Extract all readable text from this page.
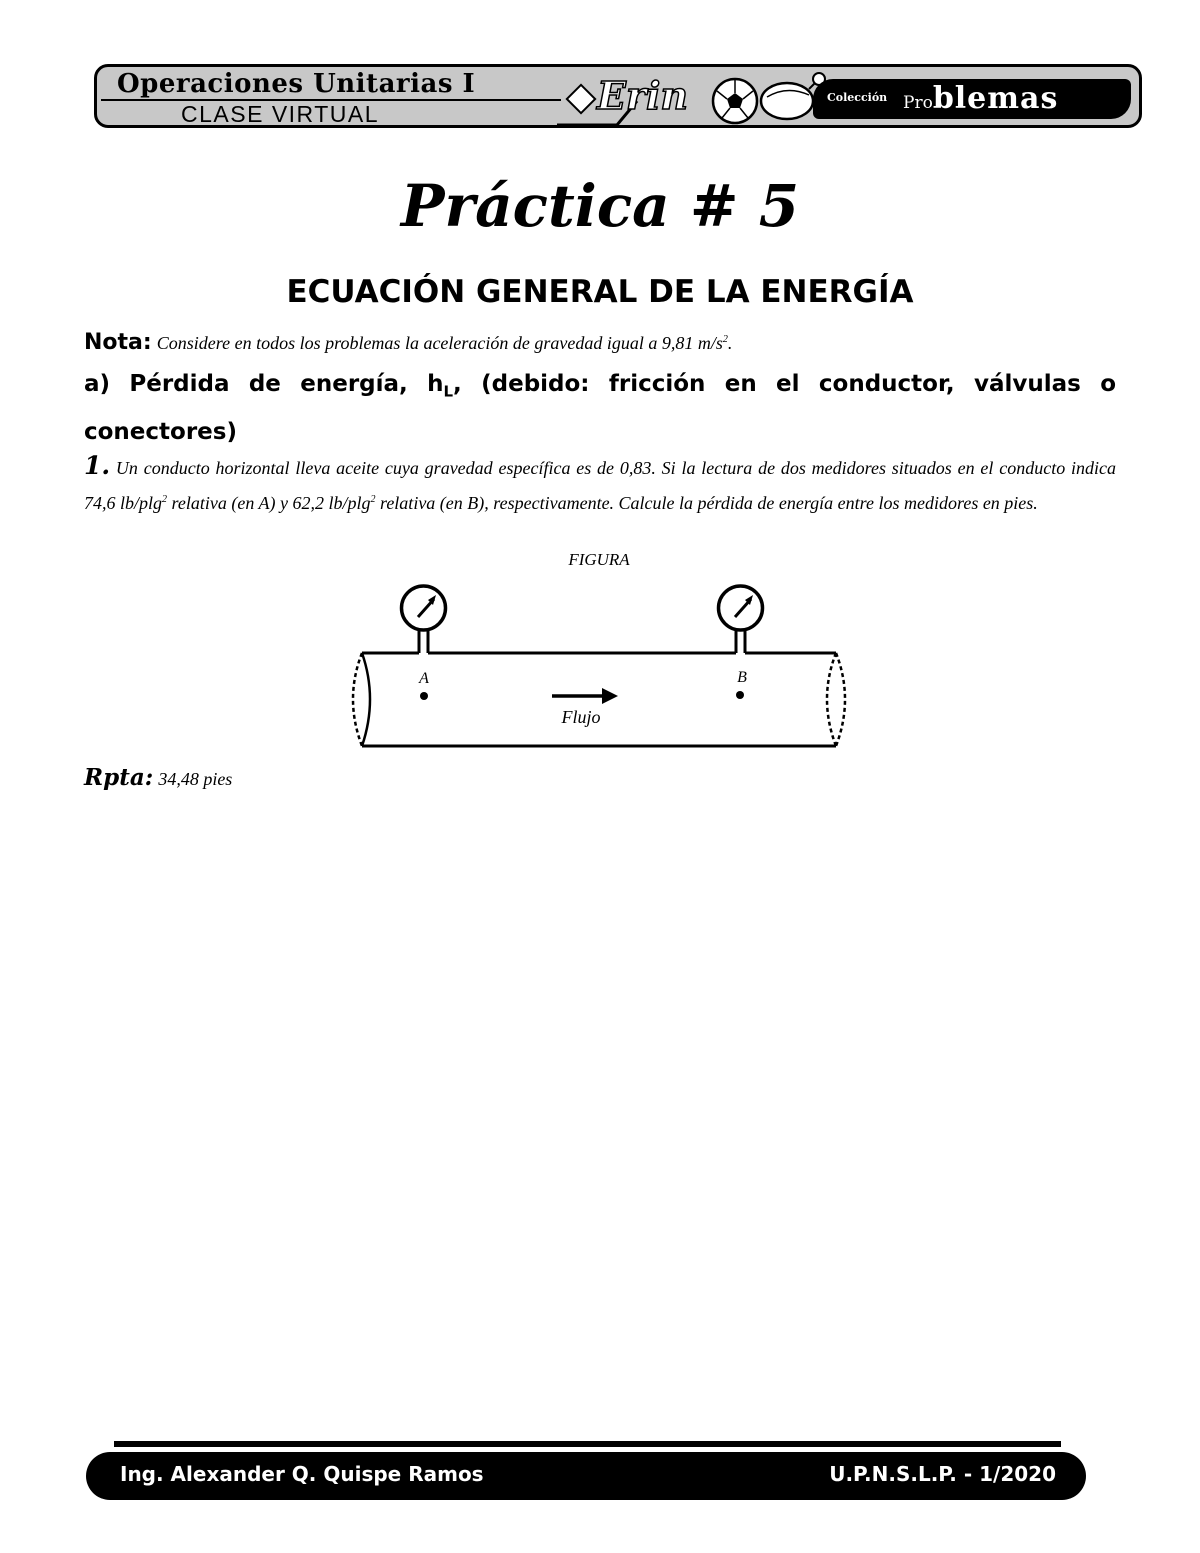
Operaciones Unitarias I
CLASE VIRTUAL	Erin	Colección Problemas
Práctica # 5
ECUACIÓN GENERAL DE LA ENERGÍA
Nota: Considere en todos los problemas la aceleración de gravedad igual a 9,81 $m/s^2$.
a) Pérdida de energía, $h_L$, (debido: fricción en el conductor, válvulas o conectores)
1. Un conducto horizontal lleva aceite cuya gravedad específica es de 0,83. Si la lectura de dos medidores situados en el conducto indica 74,6 lb/plg$^2$ relativa (en A) y 62,2 lb/plg$^2$ relativa (en B), respectivamente. Calcule la pérdida de energía entre los medidores en pies.
FIGURA
A	B
Flujo
Rpta: 34,48 pies
Ing. Alexander Q. Quispe Ramos	U.P.N.S.L.P. - 1/2020
